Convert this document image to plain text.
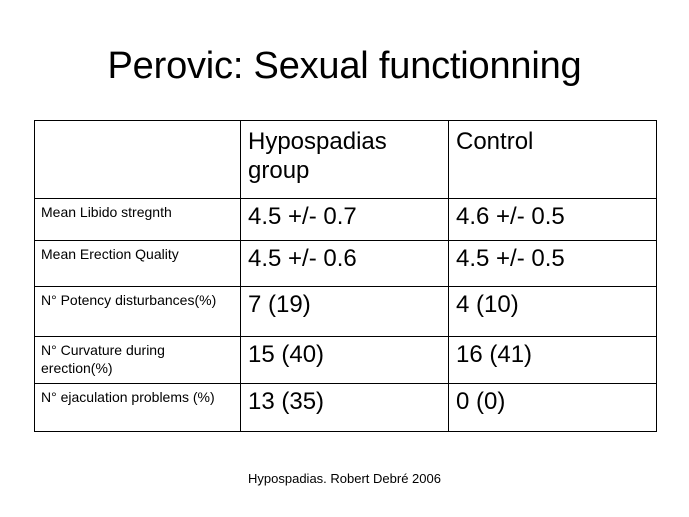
Perovic: Sexual functionning
	Hypospadias group	Control
Mean Libido stregnth	4.5 +/- 0.7	4.6 +/- 0.5
Mean Erection Quality	4.5 +/- 0.6	4.5 +/- 0.5
N° Potency disturbances(%)	7 (19)	4 (10)
N° Curvature during erection(%)	15 (40)	16 (41)
N° ejaculation problems (%)	13 (35)	0 (0)
Hypospadias. Robert Debré 2006
